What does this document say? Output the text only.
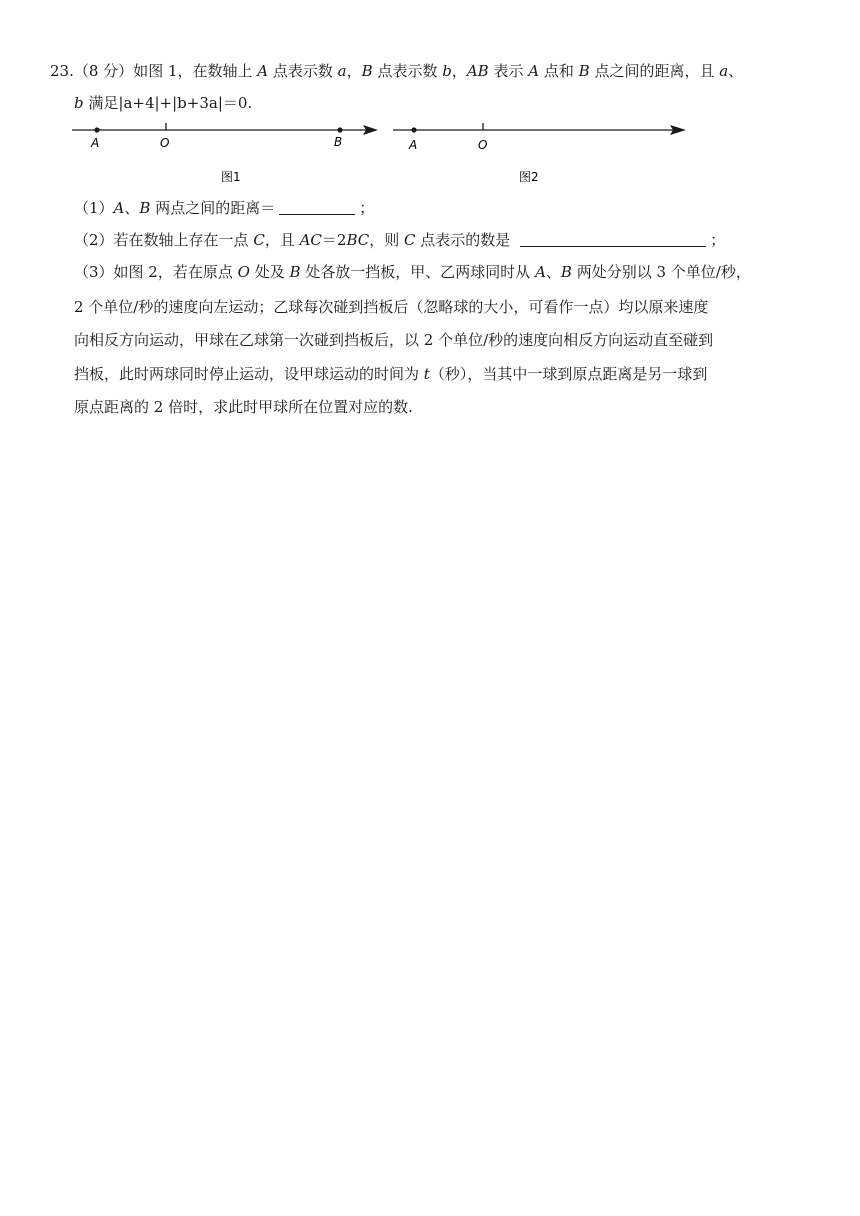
23.（8 分）如图 1，在数轴上 A 点表示数 a，B 点表示数 b，AB 表示 A 点和 B 点之间的距离，且 a、
b 满足|a+4|+|b+3a|＝0.
A	O	B
图1
A	O
图2
（1）A、B 两点之间的距离＝	；
（2）若在数轴上存在一点 C，且 AC＝2BC，则 C 点表示的数是	；
（3）如图 2，若在原点 O 处及 B 处各放一挡板，甲、乙两球同时从 A、B 两处分别以 3 个单位/秒，
2 个单位/秒的速度向左运动；乙球每次碰到挡板后（忽略球的大小，可看作一点）均以原来速度
向相反方向运动，甲球在乙球第一次碰到挡板后，以 2 个单位/秒的速度向相反方向运动直至碰到
挡板，此时两球同时停止运动，设甲球运动的时间为 t（秒），当其中一球到原点距离是另一球到
原点距离的 2 倍时，求此时甲球所在位置对应的数.
